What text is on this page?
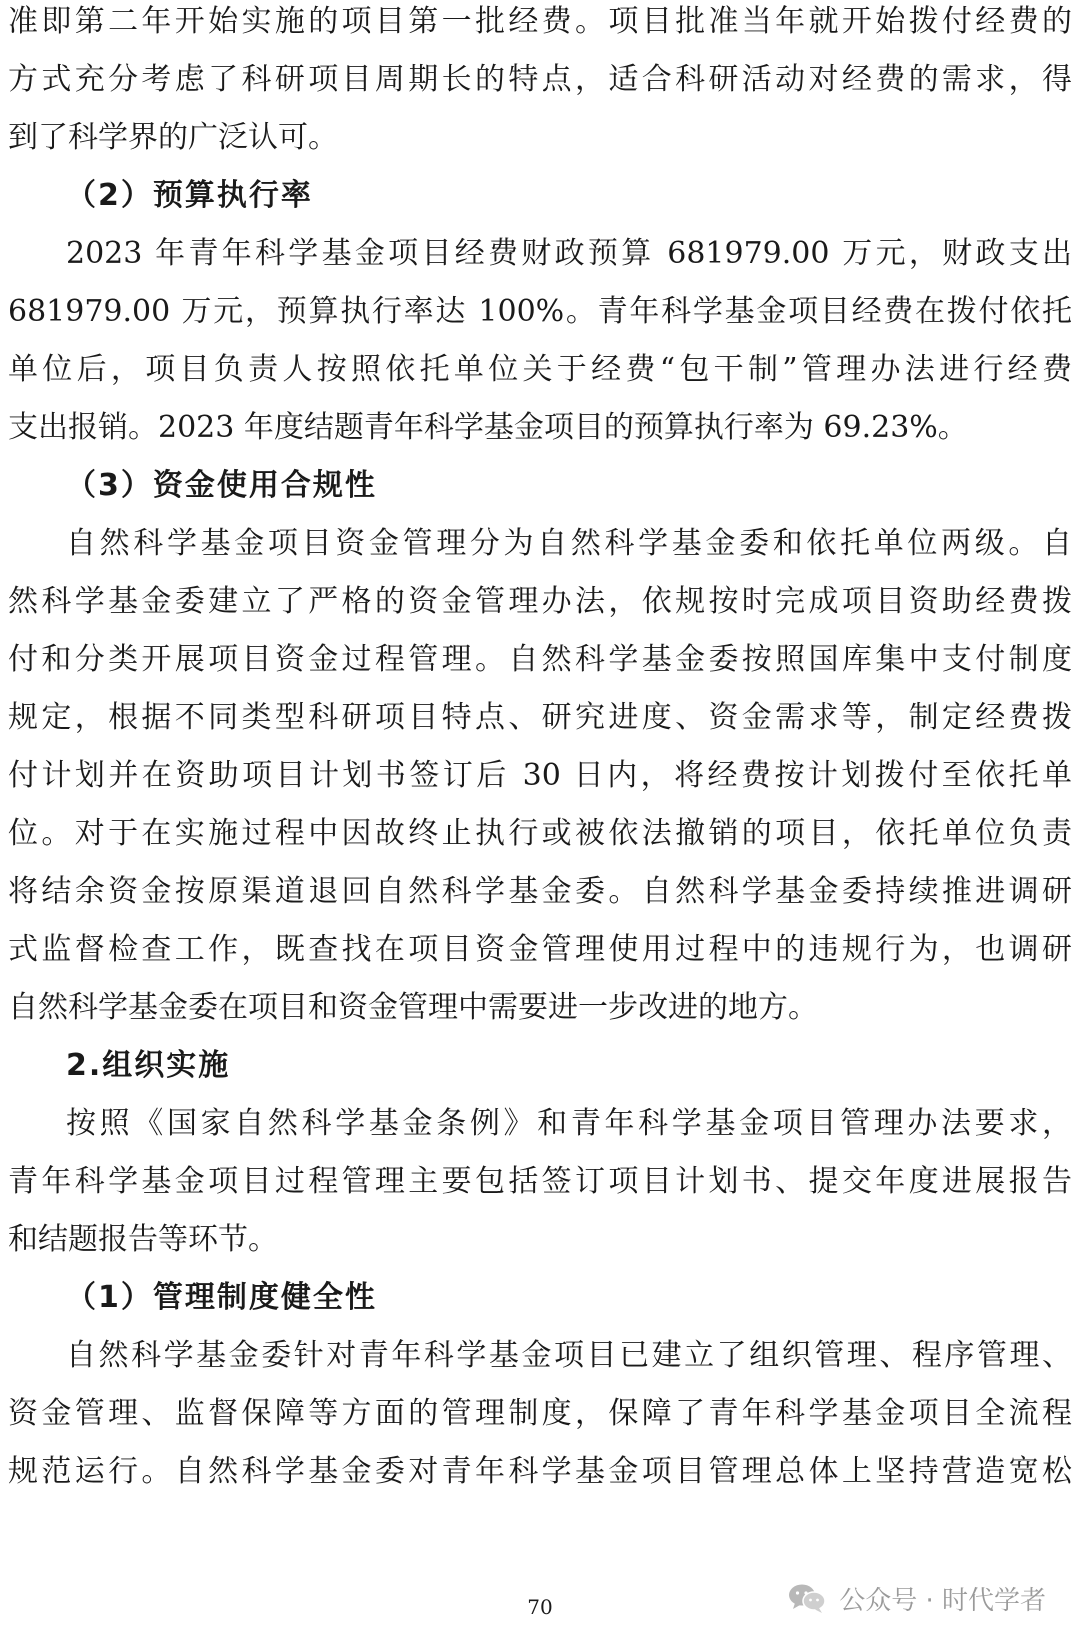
准即第二年开始实施的项目第一批经费。项目批准当年就开始拨付经费的
方式充分考虑了科研项目周期长的特点，适合科研活动对经费的需求，得
到了科学界的广泛认可。
（2）预算执行率
2023 年青年科学基金项目经费财政预算 681979.00 万元，财政支出
681979.00 万元，预算执行率达 100%。青年科学基金项目经费在拨付依托
单位后，项目负责人按照依托单位关于经费“包干制”管理办法进行经费
支出报销。2023 年度结题青年科学基金项目的预算执行率为 69.23%。
（3）资金使用合规性
自然科学基金项目资金管理分为自然科学基金委和依托单位两级。自
然科学基金委建立了严格的资金管理办法，依规按时完成项目资助经费拨
付和分类开展项目资金过程管理。自然科学基金委按照国库集中支付制度
规定，根据不同类型科研项目特点、研究进度、资金需求等，制定经费拨
付计划并在资助项目计划书签订后 30 日内，将经费按计划拨付至依托单
位。对于在实施过程中因故终止执行或被依法撤销的项目，依托单位负责
将结余资金按原渠道退回自然科学基金委。自然科学基金委持续推进调研
式监督检查工作，既查找在项目资金管理使用过程中的违规行为，也调研
自然科学基金委在项目和资金管理中需要进一步改进的地方。
2.组织实施
按照《国家自然科学基金条例》和青年科学基金项目管理办法要求，
青年科学基金项目过程管理主要包括签订项目计划书、提交年度进展报告
和结题报告等环节。
（1）管理制度健全性
自然科学基金委针对青年科学基金项目已建立了组织管理、程序管理、
资金管理、监督保障等方面的管理制度，保障了青年科学基金项目全流程
规范运行。自然科学基金委对青年科学基金项目管理总体上坚持营造宽松
公众号 · 时代学者
70
